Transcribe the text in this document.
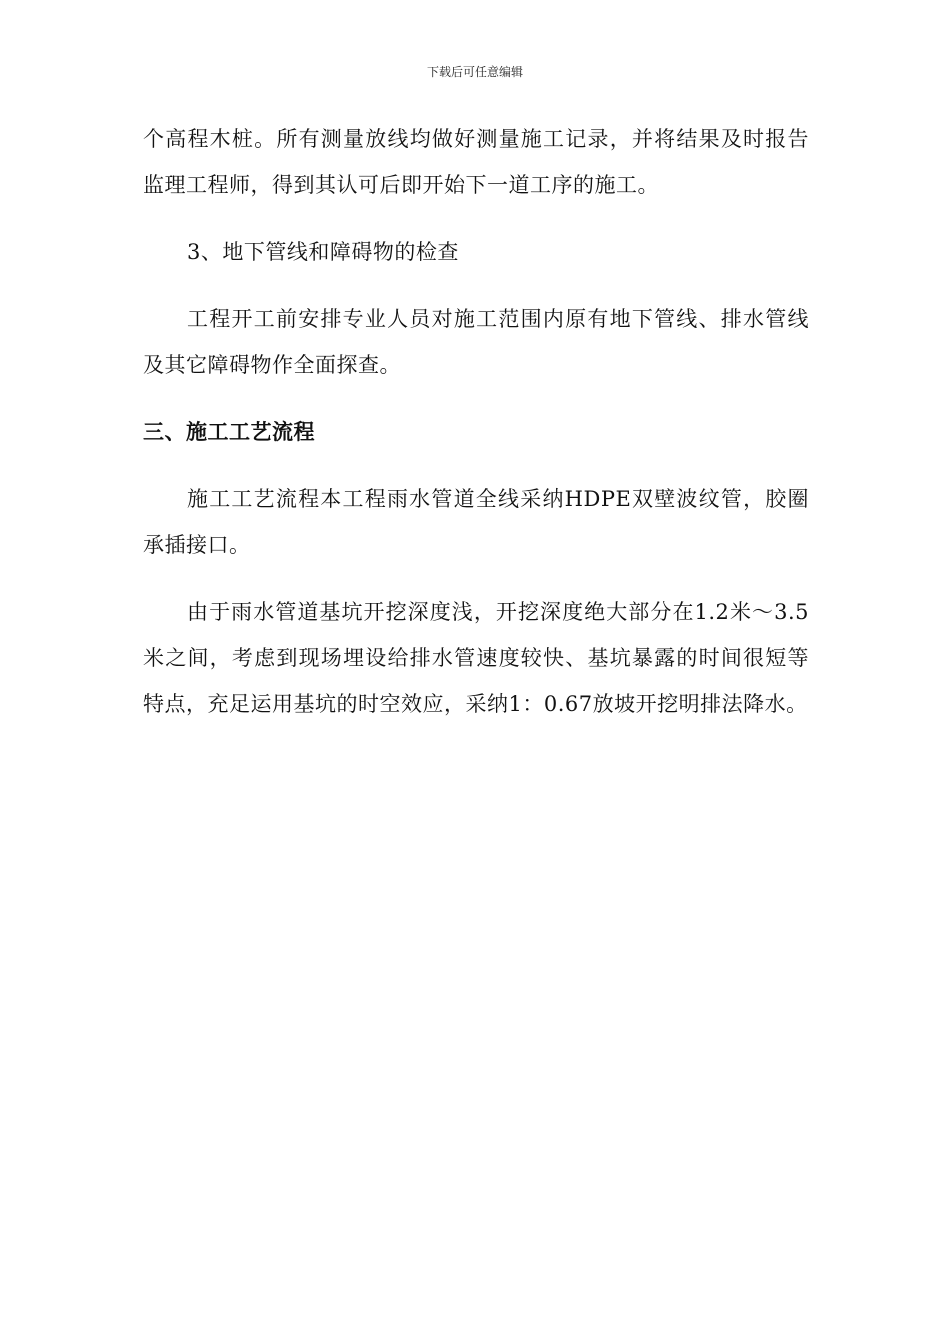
下载后可任意编辑

个高程木桩。所有测量放线均做好测量施工记录，并将结果及时报告监理工程师，得到其认可后即开始下一道工序的施工。

3、地下管线和障碍物的检查

工程开工前安排专业人员对施工范围内原有地下管线、排水管线及其它障碍物作全面探查。

三、施工工艺流程

施工工艺流程本工程雨水管道全线采纳HDPE双壁波纹管，胶圈承插接口。

由于雨水管道基坑开挖深度浅，开挖深度绝大部分在1.2米～3.5米之间，考虑到现场埋设给排水管速度较快、基坑暴露的时间很短等特点，充足运用基坑的时空效应，采纳1：0.67放坡开挖明排法降水。
